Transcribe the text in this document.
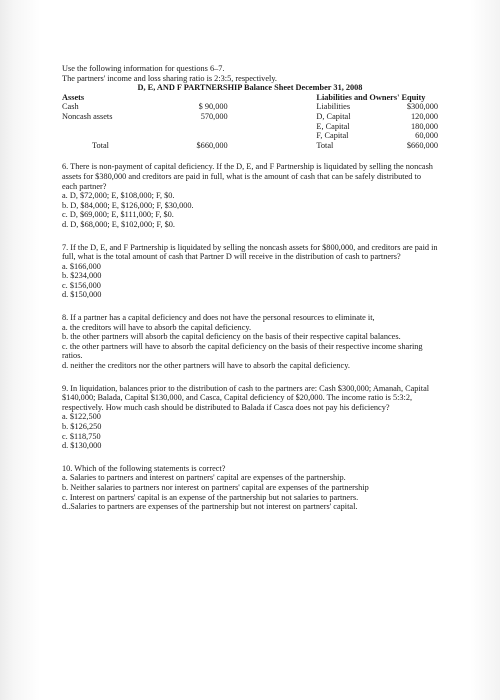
Use the following information for questions 6–7.

The partners' income and loss sharing ratio is 2:3:5, respectively.

D, E, AND F PARTNERSHIP Balance Sheet December 31, 2008

Assets			Liabilities and Owners' Equity	
Cash	$ 90,000		Liabilities	$300,000
Noncash assets	570,000		D, Capital	120,000
			E, Capital	180,000
			F, Capital	60,000
Total	$660,000		Total	$660,000

6. There is non-payment of capital deficiency. If the D, E, and F Partnership is liquidated by selling the noncash assets for $380,000 and creditors are paid in full, what is the amount of cash that can be safely distributed to each partner?

a. D, $72,000; E, $108,000; F, $0.

b. D, $84,000; E, $126,000; F, $30,000.

c. D, $69,000; E, $111,000; F, $0.

d. D, $68,000; E, $102,000; F, $0.

7. If the D, E, and F Partnership is liquidated by selling the noncash assets for $800,000, and creditors are paid in full, what is the total amount of cash that Partner D will receive in the distribution of cash to partners?

a. $166,000

b. $234,000

c. $156,000

d. $150,000

8. If a partner has a capital deficiency and does not have the personal resources to eliminate it,

a. the creditors will have to absorb the capital deficiency.

b. the other partners will absorb the capital deficiency on the basis of their respective capital balances.

c. the other partners will have to absorb the capital deficiency on the basis of their respective income sharing ratios.

d. neither the creditors nor the other partners will have to absorb the capital deficiency.

9. In liquidation, balances prior to the distribution of cash to the partners are: Cash $300,000; Amanah, Capital $140,000; Balada, Capital $130,000, and Casca, Capital deficiency of $20,000. The income ratio is 5:3:2, respectively. How much cash should be distributed to Balada if Casca does not pay his deficiency?

a. $122,500

b. $126,250

c. $118,750

d. $130,000

10. Which of the following statements is correct?

a. Salaries to partners and interest on partners' capital are expenses of the partnership.

b. Neither salaries to partners nor interest on partners' capital are expenses of the partnership

c. Interest on partners' capital is an expense of the partnership but not salaries to partners.

d..Salaries to partners are expenses of the partnership but not interest on partners' capital.
